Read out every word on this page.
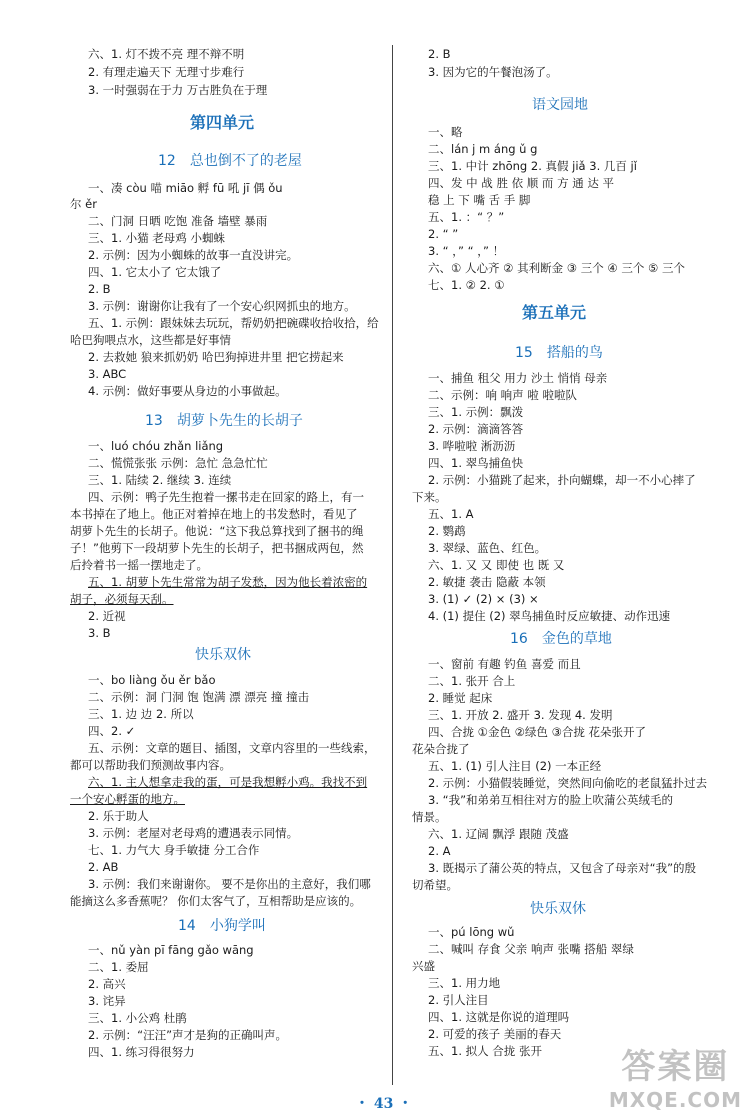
六、1. 灯不拨不亮 理不辩不明
2. 有理走遍天下 无理寸步难行
3. 一时强弱在于力 万古胜负在于理
第四单元
12 总也倒不了的老屋
一、凑 còu 喵 miāo 孵 fū 吼 jī 偶 ǒu
尔 ěr
二、门洞 日晒 吃饱 准备 墙壁 暴雨
三、1. 小猫 老母鸡 小蜘蛛
2. 示例：因为小蜘蛛的故事一直没讲完。
四、1. 它太小了 它太饿了
2. B
3. 示例：谢谢你让我有了一个安心织网抓虫的地方。
五、1. 示例：跟妹妹去玩玩，帮奶奶把碗碟收拾收拾，给
哈巴狗喂点水，这些都是好事情
2. 去救她 狼来抓奶奶 哈巴狗掉进井里 把它捞起来
3. ABC
4. 示例：做好事要从身边的小事做起。
13 胡萝卜先生的长胡子
一、luó chóu zhǎn liǎng
二、慌慌张张 示例：急忙 急急忙忙
三、1. 陆续 2. 继续 3. 连续
四、示例：鸭子先生抱着一摞书走在回家的路上，有一
本书掉在了地上。他正对着掉在地上的书发愁时，看见了
胡萝卜先生的长胡子。他说：“这下我总算找到了捆书的绳
子！”他剪下一段胡萝卜先生的长胡子，把书捆成两包，然
后拎着书一摇一摆地走了。
五、1. 胡萝卜先生常常为胡子发愁，因为他长着浓密的
胡子，必须每天刮。
2. 近视
3. B
快乐双休
一、bo liàng ǒu ěr bǎo
二、示例：洞 门洞 饱 饱满 漂 漂亮 撞 撞击
三、1. 边 边 2. 所以
四、2. ✓
五、示例：文章的题目、插图，文章内容里的一些线索，
都可以帮助我们预测故事内容。
六、1. 主人想拿走我的蛋，可是我想孵小鸡。我找不到
一个安心孵蛋的地方。
2. 乐于助人
3. 示例：老屋对老母鸡的遭遇表示同情。
七、1. 力气大 身手敏捷 分工合作
2. AB
3. 示例：我们来谢谢你。 要不是你出的主意好，我们哪
能摘这么多香蕉呢？ 你们太客气了，互相帮助是应该的。
14 小狗学叫
一、nǔ yàn pī fāng gǎo wāng
二、1. 委屈
2. 高兴
3. 诧异
三、1. 小公鸡 杜鹃
2. 示例：“汪汪”声才是狗的正确叫声。
四、1. 练习得很努力
2. B
3. 因为它的午餐泡汤了。
语文园地
一、略
二、lán j m áng ǔ g
三、1. 中计 zhōng 2. 真假 jiǎ 3. 几百 jǐ
四、发 中 战 胜 依 顺 而 方 通 达 平
稳 上 下 嘴 舌 手 脚
五、1. ：“ ？”
2. “ ”
3. “ ，” “ ，” ！
六、① 人心齐 ② 其利断金 ③ 三个 ④ 三个 ⑤ 三个
七、1. ② 2. ①
第五单元
15 搭船的鸟
一、捕鱼 租父 用力 沙土 悄悄 母亲
二、示例：响 响声 啦 啦啦队
三、1. 示例：飘泼
2. 示例：滴滴答答
3. 哗啦啦 淅沥沥
四、1. 翠鸟捕鱼快
2. 示例：小猫跳了起来，扑向蝴蝶，却一不小心摔了
下来。
五、1. A
2. 鹦鹉
3. 翠绿、蓝色、红色。
六、1. 又 又 即使 也 既 又
2. 敏捷 袭击 隐蔽 本领
3. (1) ✓ (2) × (3) ×
4. (1) 提住 (2) 翠鸟捕鱼时反应敏捷、动作迅速
16 金色的草地
一、窗前 有趣 钓鱼 喜爱 而且
二、1. 张开 合上
2. 睡觉 起床
三、1. 开放 2. 盛开 3. 发现 4. 发明
四、合拢 ①金色 ②绿色 ③合拢 花朵张开了
花朵合拢了
五、1. (1) 引人注目 (2) 一本正经
2. 示例：小猫假装睡觉，突然间向偷吃的老鼠猛扑过去
3. “我”和弟弟互相往对方的脸上吹蒲公英绒毛的
情景。
六、1. 辽阔 飘浮 跟随 茂盛
2. A
3. 既揭示了蒲公英的特点，又包含了母亲对“我”的殷
切希望。
快乐双休
一、pú lōng wǔ
二、喊叫 存食 父亲 响声 张嘴 搭船 翠绿
兴盛
三、1. 用力地
2. 引人注目
四、1. 这就是你说的道理吗
2. 可爱的孩子 美丽的春天
五、1. 拟人 合拢 张开
・ 43 ・
答案圈
MXQE.COM
